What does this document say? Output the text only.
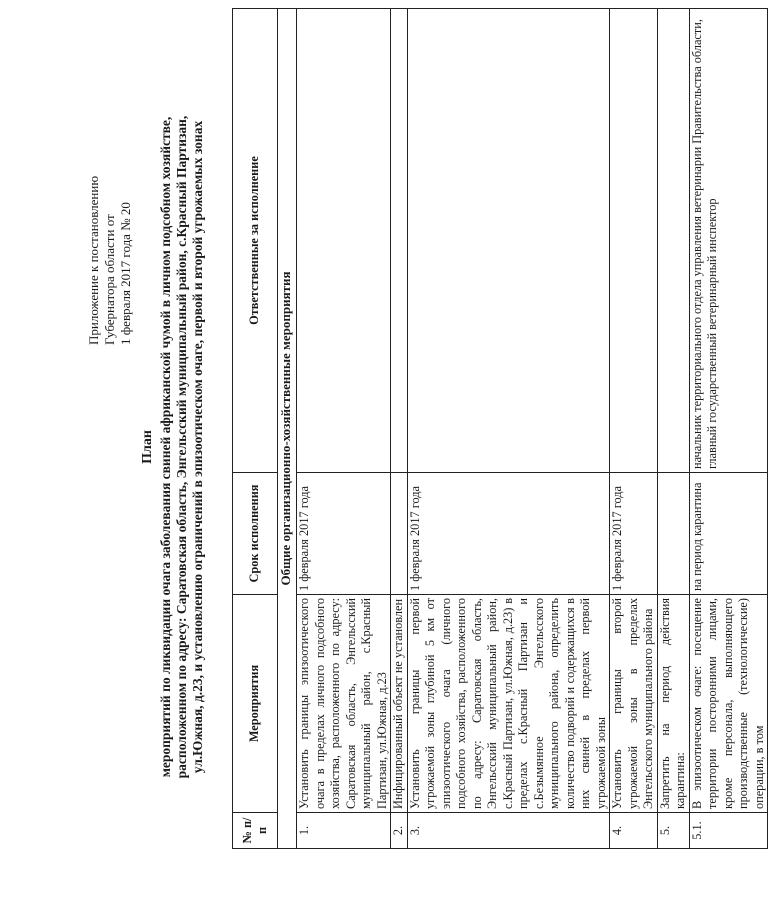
Приложение к постановлению Губернатора области от 1 февраля 2017 года № 20
План мероприятий по ликвидации очага заболевания свиней африканской чумой в личном подсобном хозяйстве, расположенном по адресу: Саратовская область, Энгельсский муниципальный район, с.Красный Партизан, ул.Южная, д.23, и установлению ограничений в эпизоотическом очаге, первой и второй угрожаемых зонах
№ п/п	Мероприятия	Срок исполнения	Ответственные за исполнение
Общие организационно-хозяйственные мероприятия			
1.	Установить границы эпизоотического очага в пределах личного подсобного хозяйства, расположенного по адресу: Саратовская область, Энгельсский муниципальный район, с.Красный Партизан, ул.Южная, д.23	1 февраля 2017 года	
2.	Инфицированный объект не установлен		
3.	Установить границы первой угрожаемой зоны глубиной 5 км от эпизоотического очага (личного подсобного хозяйства, расположенного по адресу: Саратовская область, Энгельсский муниципальный район, с.Красный Партизан, ул.Южная, д.23) в пределах с.Красный Партизан и с.Безымянное Энгельсского муниципального района, определить количество подворий и содержащихся в них свиней в пределах первой угрожаемой зоны	1 февраля 2017 года	
4.	Установить границы второй угрожаемой зоны в пределах Энгельсского муниципального района	1 февраля 2017 года	
5.	Запретить на период действия карантина:		
5.1.	В эпизоотическом очаге: посещение территории посторонними лицами, кроме персонала, выполняющего производственные (технологические) операции, в том	на период карантина	начальник территориального отдела управления ветеринарии Правительства области, главный государственный ветеринарный инспектор
